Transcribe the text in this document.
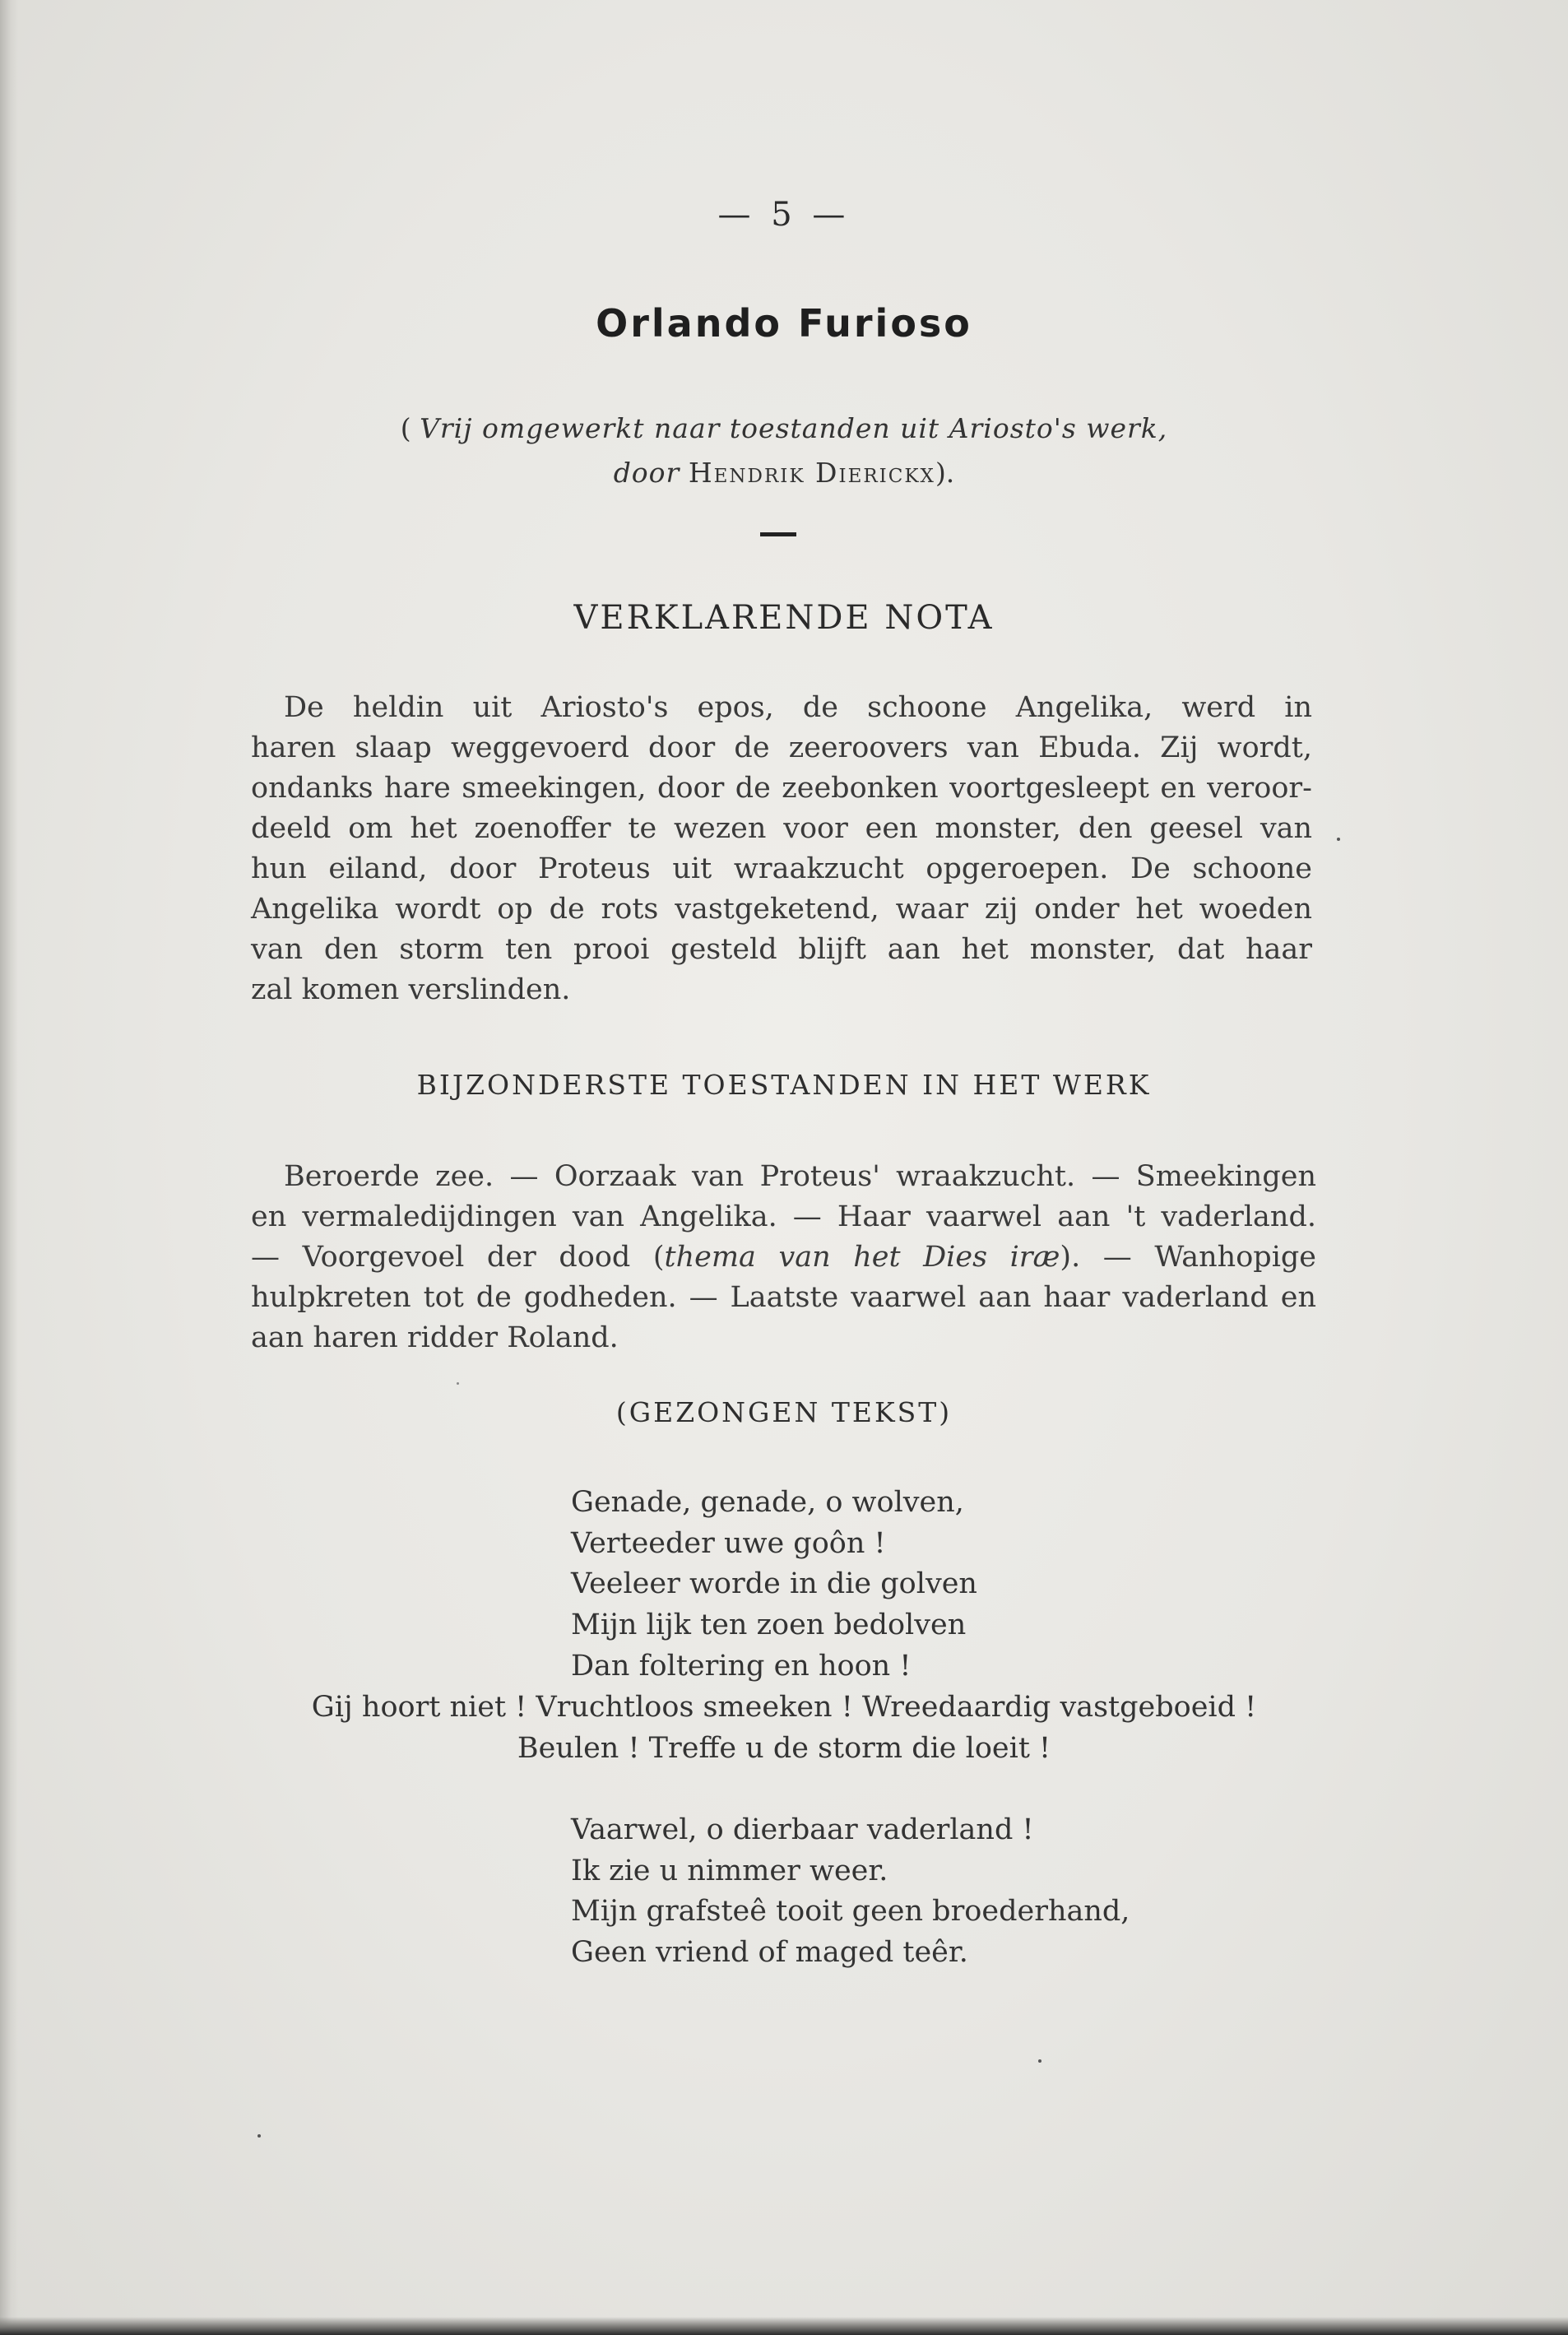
— 5 —
Orlando Furioso
( Vrij omgewerkt naar toestanden uit Ariosto's werk,
door Hendrik Dierickx).
VERKLARENDE NOTA
De heldin uit Ariosto's epos, de schoone Angelika, werd in
haren slaap weggevoerd door de zeeroovers van Ebuda. Zij wordt,
ondanks hare smeekingen, door de zeebonken voortgesleept en veroor-
deeld om het zoenoffer te wezen voor een monster, den geesel van
hun eiland, door Proteus uit wraakzucht opgeroepen. De schoone
Angelika wordt op de rots vastgeketend, waar zij onder het woeden
van den storm ten prooi gesteld blijft aan het monster, dat haar
zal komen verslinden.
BIJZONDERSTE TOESTANDEN IN HET WERK
Beroerde zee. — Oorzaak van Proteus' wraakzucht. — Smeekingen
en vermaledijdingen van Angelika. — Haar vaarwel aan 't vaderland.
— Voorgevoel der dood (thema van het Dies iræ). — Wanhopige
hulpkreten tot de godheden. — Laatste vaarwel aan haar vaderland en
aan haren ridder Roland.
(GEZONGEN TEKST)
Genade, genade, o wolven,
Verteeder uwe goôn !
Veeleer worde in die golven
Mijn lijk ten zoen bedolven
Dan foltering en hoon !
Gij hoort niet ! Vruchtloos smeeken ! Wreedaardig vastgeboeid !
Beulen ! Treffe u de storm die loeit !
Vaarwel, o dierbaar vaderland !
Ik zie u nimmer weer.
Mijn grafsteê tooit geen broederhand,
Geen vriend of maged teêr.
